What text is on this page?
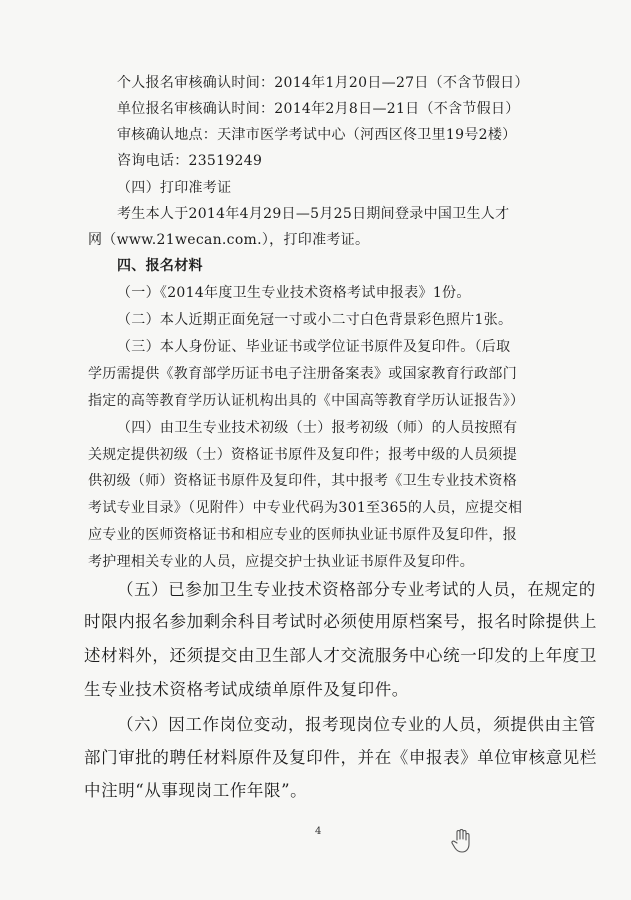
个人报名审核确认时间：2014年1月20日—27日（不含节假日）
单位报名审核确认时间：2014年2月8日—21日（不含节假日）
审核确认地点：天津市医学考试中心（河西区佟卫里19号2楼）
咨询电话：23519249
（四）打印准考证
考生本人于2014年4月29日—5月25日期间登录中国卫生人才
网（www.21wecan.com.），打印准考证。
四、报名材料
（一）《2014年度卫生专业技术资格考试申报表》1份。
（二）本人近期正面免冠一寸或小二寸白色背景彩色照片1张。
（三）本人身份证、毕业证书或学位证书原件及复印件。（后取
学历需提供《教育部学历证书电子注册备案表》或国家教育行政部门
指定的高等教育学历认证机构出具的《中国高等教育学历认证报告》）
（四）由卫生专业技术初级（士）报考初级（师）的人员按照有
关规定提供初级（士）资格证书原件及复印件；报考中级的人员须提
供初级（师）资格证书原件及复印件，其中报考《卫生专业技术资格
考试专业目录》（见附件）中专业代码为301至365的人员，应提交相
应专业的医师资格证书和相应专业的医师执业证书原件及复印件，报
考护理相关专业的人员，应提交护士执业证书原件及复印件。
（五）已参加卫生专业技术资格部分专业考试的人员，在规定的
时限内报名参加剩余科目考试时必须使用原档案号，报名时除提供上
述材料外，还须提交由卫生部人才交流服务中心统一印发的上年度卫
生专业技术资格考试成绩单原件及复印件。
（六）因工作岗位变动，报考现岗位专业的人员，须提供由主管
部门审批的聘任材料原件及复印件，并在《申报表》单位审核意见栏
中注明“从事现岗工作年限”。
4
